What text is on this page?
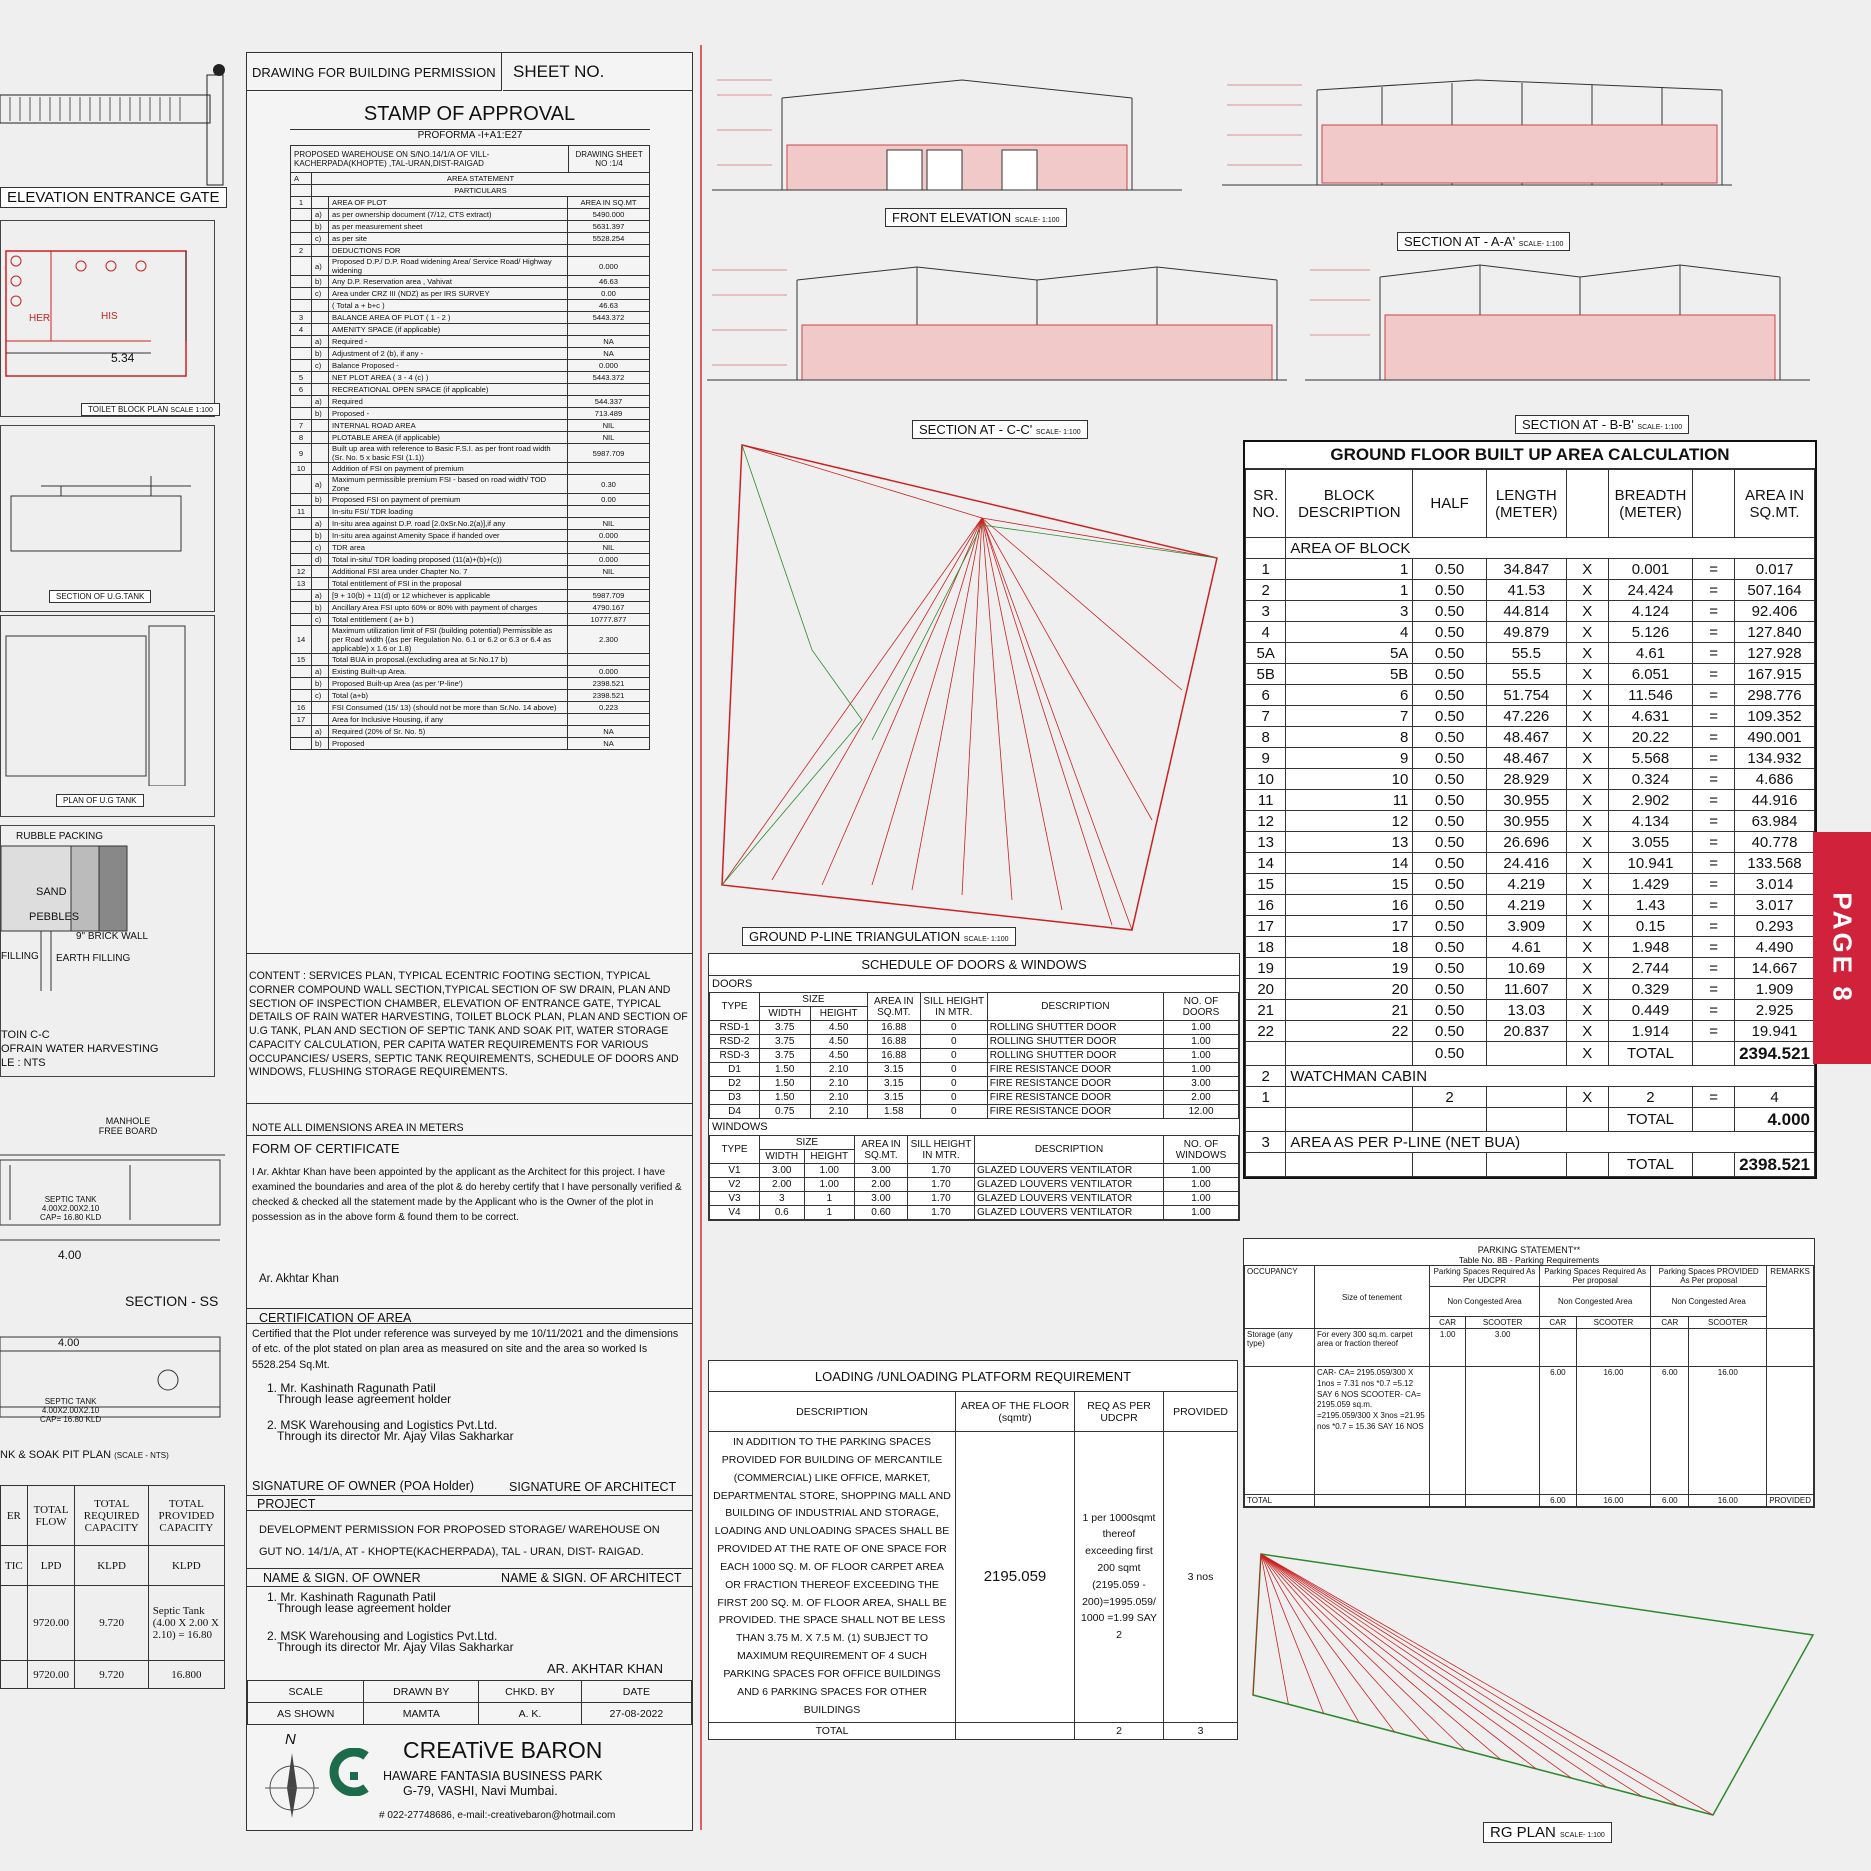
ELEVATION ENTRANCE GATE
HER	HIS
5.34
TOILET BLOCK PLAN SCALE 1:100
SECTION OF U.G.TANK
PLAN OF U.G TANK
RUBBLE PACKING
SAND
PEBBLES
9" BRICK WALL
FILLING EARTH FILLING
TOIN C-C
OFRAIN WATER HARVESTING
LE : NTS
MANHOLE FREE BOARD
SEPTIC TANK
4.00X2.00X2.10
CAP= 16.80 KLD
4.00
SECTION - SS
4.00
SEPTIC TANK
4.00X2.00X2.10
CAP= 16.80 KLD
NK & SOAK PIT PLAN (SCALE - NTS)
ER	TOTAL FLOW	TOTAL REQUIRED CAPACITY	TOTAL PROVIDED CAPACITY
TIC	LPD	KLPD	KLPD
	9720.00	9.720	Septic Tank (4.00 X 2.00 X 2.10) = 16.80
	9720.00	9.720	16.800
DRAWING FOR BUILDING PERMISSION	SHEET NO.
STAMP OF APPROVAL
PROFORMA -I+A1:E27
PROPOSED WAREHOUSE ON S/NO.14/1/A OF VILL- KACHERPADA(KHOPTE) ,TAL-URAN,DIST-RAIGAD		DRAWING SHEET NO :1/4
A	AREA STATEMENT	
	PARTICULARS	
1		AREA OF PLOT	AREA IN SQ.MT
	a)	as per ownership document (7/12, CTS extract)	5490.000
	b)	as per measurement sheet	5631.397
	c)	as per site	5528.254
2		DEDUCTIONS FOR	
	a)	Proposed D.P./ D.P. Road widening Area/ Service Road/ Highway widening	0.000
	b)	Any D.P. Reservation area , Vahivat	46.63
	c)	Area under CRZ III (NDZ) as per IRS SURVEY	0.00
		( Total a + b+c )	46.63
3		BALANCE AREA OF PLOT ( 1 - 2 )	5443.372
4		AMENITY SPACE (if applicable)	
	a)	Required -	NA
	b)	Adjustment of 2 (b), if any -	NA
	c)	Balance Proposed -	0.000
5		NET PLOT AREA ( 3 - 4 (c) )	5443.372
6		RECREATIONAL OPEN SPACE (if applicable)	
	a)	Required	544.337
	b)	Proposed -	713.489
7		INTERNAL ROAD AREA	NIL
8		PLOTABLE AREA (if applicable)	NIL
9		Built up area with reference to Basic F.S.I. as per front road width (Sr. No. 5 x basic FSI (1.1))	5987.709
10		Addition of FSI on payment of premium	
	a)	Maximum permissible premium FSI - based on road width/ TOD Zone	0.30
	b)	Proposed FSI on payment of premium	0.00
11		In-situ FSI/ TDR loading	
	a)	In-situ area against D.P. road [2.0xSr.No.2(a)],if any	NIL
	b)	In-situ area against Amenity Space if handed over	0.000
	c)	TDR area	NIL
	d)	Total in-situ/ TDR loading proposed (11(a)+(b)+(c))	0.000
12		Additional FSI area under Chapter No. 7	NIL
13		Total entitlement of FSI in the proposal	
	a)	[9 + 10(b) + 11(d) or 12 whichever is applicable	5987.709
	b)	Ancillary Area FSI upto 60% or 80% with payment of charges	4790.167
	c)	Total entitlement ( a+ b )	10777.877
14		Maximum utilization limit of FSI (building potential) Permissible as per Road width {(as per Regulation No. 6.1 or 6.2 or 6.3 or 6.4 as applicable) x 1.6 or 1.8)	2.300
15		Total BUA in proposal.(excluding area at Sr.No.17 b)	
	a)	Existing Built-up Area.	0.000
	b)	Proposed Built-up Area (as per 'P-line')	2398.521
	c)	Total (a+b)	2398.521
16		FSI Consumed (15/ 13) (should not be more than Sr.No. 14 above)	0.223
17		Area for Inclusive Housing, if any	
	a)	Required (20% of Sr. No. 5)	NA
	b)	Proposed	NA
CONTENT : SERVICES PLAN, TYPICAL ECENTRIC FOOTING SECTION, TYPICAL CORNER COMPOUND WALL SECTION,TYPICAL SECTION OF SW DRAIN, PLAN AND SECTION OF INSPECTION CHAMBER, ELEVATION OF ENTRANCE GATE, TYPICAL DETAILS OF RAIN WATER HARVESTING, TOILET BLOCK PLAN, PLAN AND SECTION OF U.G TANK, PLAN AND SECTION OF SEPTIC TANK AND SOAK PIT, WATER STORAGE CAPACITY CALCULATION, PER CAPITA WATER REQUIREMENTS FOR VARIOUS OCCUPANCIES/ USERS, SEPTIC TANK REQUIREMENTS, SCHEDULE OF DOORS AND WINDOWS, FLUSHING STORAGE REQUIREMENTS.
NOTE ALL DIMENSIONS AREA IN METERS
FORM OF CERTIFICATE
I Ar. Akhtar Khan have been appointed by the applicant as the Architect for this project. I have examined the boundaries and area of the plot & do hereby certify that I have personally verified & checked & checked all the statement made by the Applicant who is the Owner of the plot in possession as in the above form & found them to be correct.
Ar. Akhtar Khan
CERTIFICATION OF AREA
Certified that the Plot under reference was surveyed by me 10/11/2021 and the dimensions of etc. of the plot stated on plan area as measured on site and the area so worked Is 5528.254 Sq.Mt.
1. Mr. Kashinath Ragunath Patil
Through lease agreement holder
2. MSK Warehousing and Logistics Pvt.Ltd.
Through its director Mr. Ajay Vilas Sakharkar
SIGNATURE OF OWNER (POA Holder)	SIGNATURE OF ARCHITECT
PROJECT
DEVELOPMENT PERMISSION FOR PROPOSED STORAGE/ WAREHOUSE ON GUT NO. 14/1/A, AT - KHOPTE(KACHERPADA), TAL - URAN, DIST- RAIGAD.
NAME & SIGN. OF OWNER	NAME & SIGN. OF ARCHITECT
1. Mr. Kashinath Ragunath Patil
Through lease agreement holder
2. MSK Warehousing and Logistics Pvt.Ltd.
Through its director Mr. Ajay Vilas Sakharkar
AR. AKHTAR KHAN
SCALE	DRAWN BY	CHKD. BY	DATE
AS SHOWN	MAMTA	A. K.	27-08-2022
N	CREATiVE BARON
HAWARE FANTASIA BUSINESS PARK
G-79, VASHI, Navi Mumbai.
# 022-27748686, e-mail:-creativebaron@hotmail.com
FRONT ELEVATION SCALE- 1:100
SECTION AT - A-A' SCALE- 1:100
SECTION AT - C-C' SCALE- 1:100
SECTION AT - B-B' SCALE- 1:100
GROUND P-LINE TRIANGULATION SCALE- 1:100
SCHEDULE OF DOORS & WINDOWS
DOORS
TYPE	SIZE		AREA IN SQ.MT.	SILL HEIGHT IN MTR.	DESCRIPTION	NO. OF DOORS
	WIDTH	HEIGHT				
RSD-1	3.75	4.50	16.88	0	ROLLING SHUTTER DOOR	1.00
RSD-2	3.75	4.50	16.88	0	ROLLING SHUTTER DOOR	1.00
RSD-3	3.75	4.50	16.88	0	ROLLING SHUTTER DOOR	1.00
D1	1.50	2.10	3.15	0	FIRE RESISTANCE DOOR	1.00
D2	1.50	2.10	3.15	0	FIRE RESISTANCE DOOR	3.00
D3	1.50	2.10	3.15	0	FIRE RESISTANCE DOOR	2.00
D4	0.75	2.10	1.58	0	FIRE RESISTANCE DOOR	12.00
WINDOWS
TYPE	SIZE		AREA IN SQ.MT.	SILL HEIGHT IN MTR.	DESCRIPTION	NO. OF WINDOWS
	WIDTH	HEIGHT				
V1	3.00	1.00	3.00	1.70	GLAZED LOUVERS VENTILATOR	1.00
V2	2.00	1.00	2.00	1.70	GLAZED LOUVERS VENTILATOR	1.00
V3	3	1	3.00	1.70	GLAZED LOUVERS VENTILATOR	1.00
V4	0.6	1	0.60	1.70	GLAZED LOUVERS VENTILATOR	1.00
LOADING /UNLOADING PLATFORM REQUIREMENT			
DESCRIPTION	AREA OF THE FLOOR (sqmtr)	REQ AS PER UDCPR	PROVIDED
IN ADDITION TO THE PARKING SPACES PROVIDED FOR BUILDING OF MERCANTILE (COMMERCIAL) LIKE OFFICE, MARKET, DEPARTMENTAL STORE, SHOPPING MALL AND BUILDING OF INDUSTRIAL AND STORAGE, LOADING AND UNLOADING SPACES SHALL BE PROVIDED AT THE RATE OF ONE SPACE FOR EACH 1000 SQ. M. OF FLOOR CARPET AREA OR FRACTION THEREOF EXCEEDING THE FIRST 200 SQ. M. OF FLOOR AREA, SHALL BE PROVIDED. THE SPACE SHALL NOT BE LESS THAN 3.75 M. X 7.5 M. (1) SUBJECT TO MAXIMUM REQUIREMENT OF 4 SUCH PARKING SPACES FOR OFFICE BUILDINGS AND 6 PARKING SPACES FOR OTHER BUILDINGS	2195.059	1 per 1000sqmt thereof exceeding first 200 sqmt (2195.059 - 200)=1995.059/ 1000 =1.99 SAY 2	3 nos
TOTAL		2	3
GROUND FLOOR BUILT UP AREA CALCULATION
SR. NO.	BLOCK DESCRIPTION	HALF	LENGTH (METER)		BREADTH (METER)		AREA IN SQ.MT.
	AREA OF BLOCK						
1	1	0.50	34.847	X	0.001	=	0.017
2	1	0.50	41.53	X	24.424	=	507.164
3	3	0.50	44.814	X	4.124	=	92.406
4	4	0.50	49.879	X	5.126	=	127.840
5A	5A	0.50	55.5	X	4.61	=	127.928
5B	5B	0.50	55.5	X	6.051	=	167.915
6	6	0.50	51.754	X	11.546	=	298.776
7	7	0.50	47.226	X	4.631	=	109.352
8	8	0.50	48.467	X	20.22	=	490.001
9	9	0.50	48.467	X	5.568	=	134.932
10	10	0.50	28.929	X	0.324	=	4.686
11	11	0.50	30.955	X	2.902	=	44.916
12	12	0.50	30.955	X	4.134	=	63.984
13	13	0.50	26.696	X	3.055	=	40.778
14	14	0.50	24.416	X	10.941	=	133.568
15	15	0.50	4.219	X	1.429	=	3.014
16	16	0.50	4.219	X	1.43	=	3.017
17	17	0.50	3.909	X	0.15	=	0.293
18	18	0.50	4.61	X	1.948	=	4.490
19	19	0.50	10.69	X	2.744	=	14.667
20	20	0.50	11.607	X	0.329	=	1.909
21	21	0.50	13.03	X	0.449	=	2.925
22	22	0.50	20.837	X	1.914	=	19.941
		0.50		X	TOTAL		2394.521
2	WATCHMAN CABIN						
1		2		X	2	=	4
					TOTAL		4.000
3	AREA AS PER P-LINE (NET BUA)						
					TOTAL		2398.521
PARKING STATEMENT**
Table No. 8B - Parking Requirements
OCCUPANCY	Size of tenement	Parking Spaces Required As Per UDCPR		Parking Spaces Required As Per proposal		Parking Spaces PROVIDED As Per proposal		REMARKS
		Non Congested Area		Non Congested Area		Non Congested Area		
		CAR	SCOOTER	CAR	SCOOTER	CAR	SCOOTER	
Storage (any type)	For every 300 sq.m. carpet area or fraction thereof	1.00	3.00					
	CAR- CA= 2195.059/300 X 1nos = 7.31 nos *0.7 =5.12 SAY 6 NOS SCOOTER- CA= 2195.059 sq.m. =2195.059/300 X 3nos =21.95 nos *0.7 = 15.36 SAY 16 NOS			6.00	16.00	6.00	16.00	
TOTAL				6.00	16.00	6.00	16.00	PROVIDED
RG PLAN SCALE- 1:100
PAGE 8
